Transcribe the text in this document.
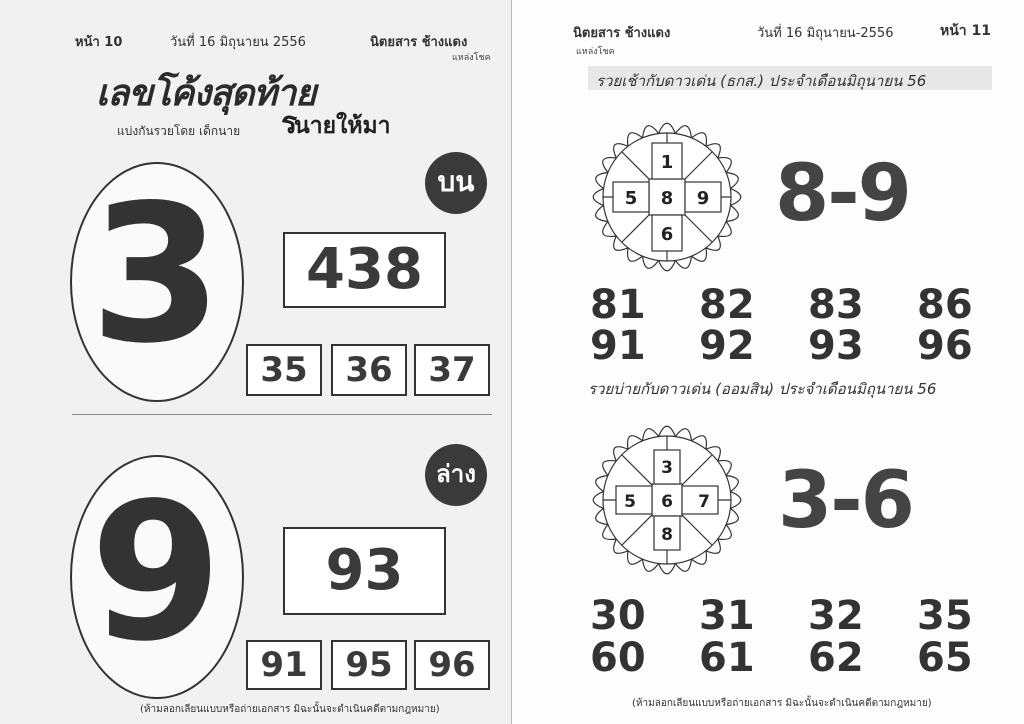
หน้า 10	วันที่ 16 มิถุนายน 2556	นิตยสาร ช้างแดง
แหล่งโชค
เลขโค้งสุดท้าย
แบ่งกันรวยโดย เด็กนาย ร
นายให้มา
3	บน
438
35	36	37
9	ล่าง
93
91	95	96
(ห้ามลอกเลียนแบบหรือถ่ายเอกสาร มิฉะนั้นจะดำเนินคดีตามกฎหมาย)
นิตยสาร ช้างแดง
แหล่งโชค
วันที่ 16 มิถุนายน-2556	หน้า 11
รวยเช้ากับดาวเด่น (ธกส.) ประจำเดือนมิถุนายน 56
1
5 8 9
6 8-9
81	82	83	86
91	92	93	96
รวยบ่ายกับดาวเด่น (ออมสิน) ประจำเดือนมิถุนายน 56
3
5 6 7
8 3-6
30	31	32	35
60	61	62	65
(ห้ามลอกเลียนแบบหรือถ่ายเอกสาร มิฉะนั้นจะดำเนินคดีตามกฎหมาย)
